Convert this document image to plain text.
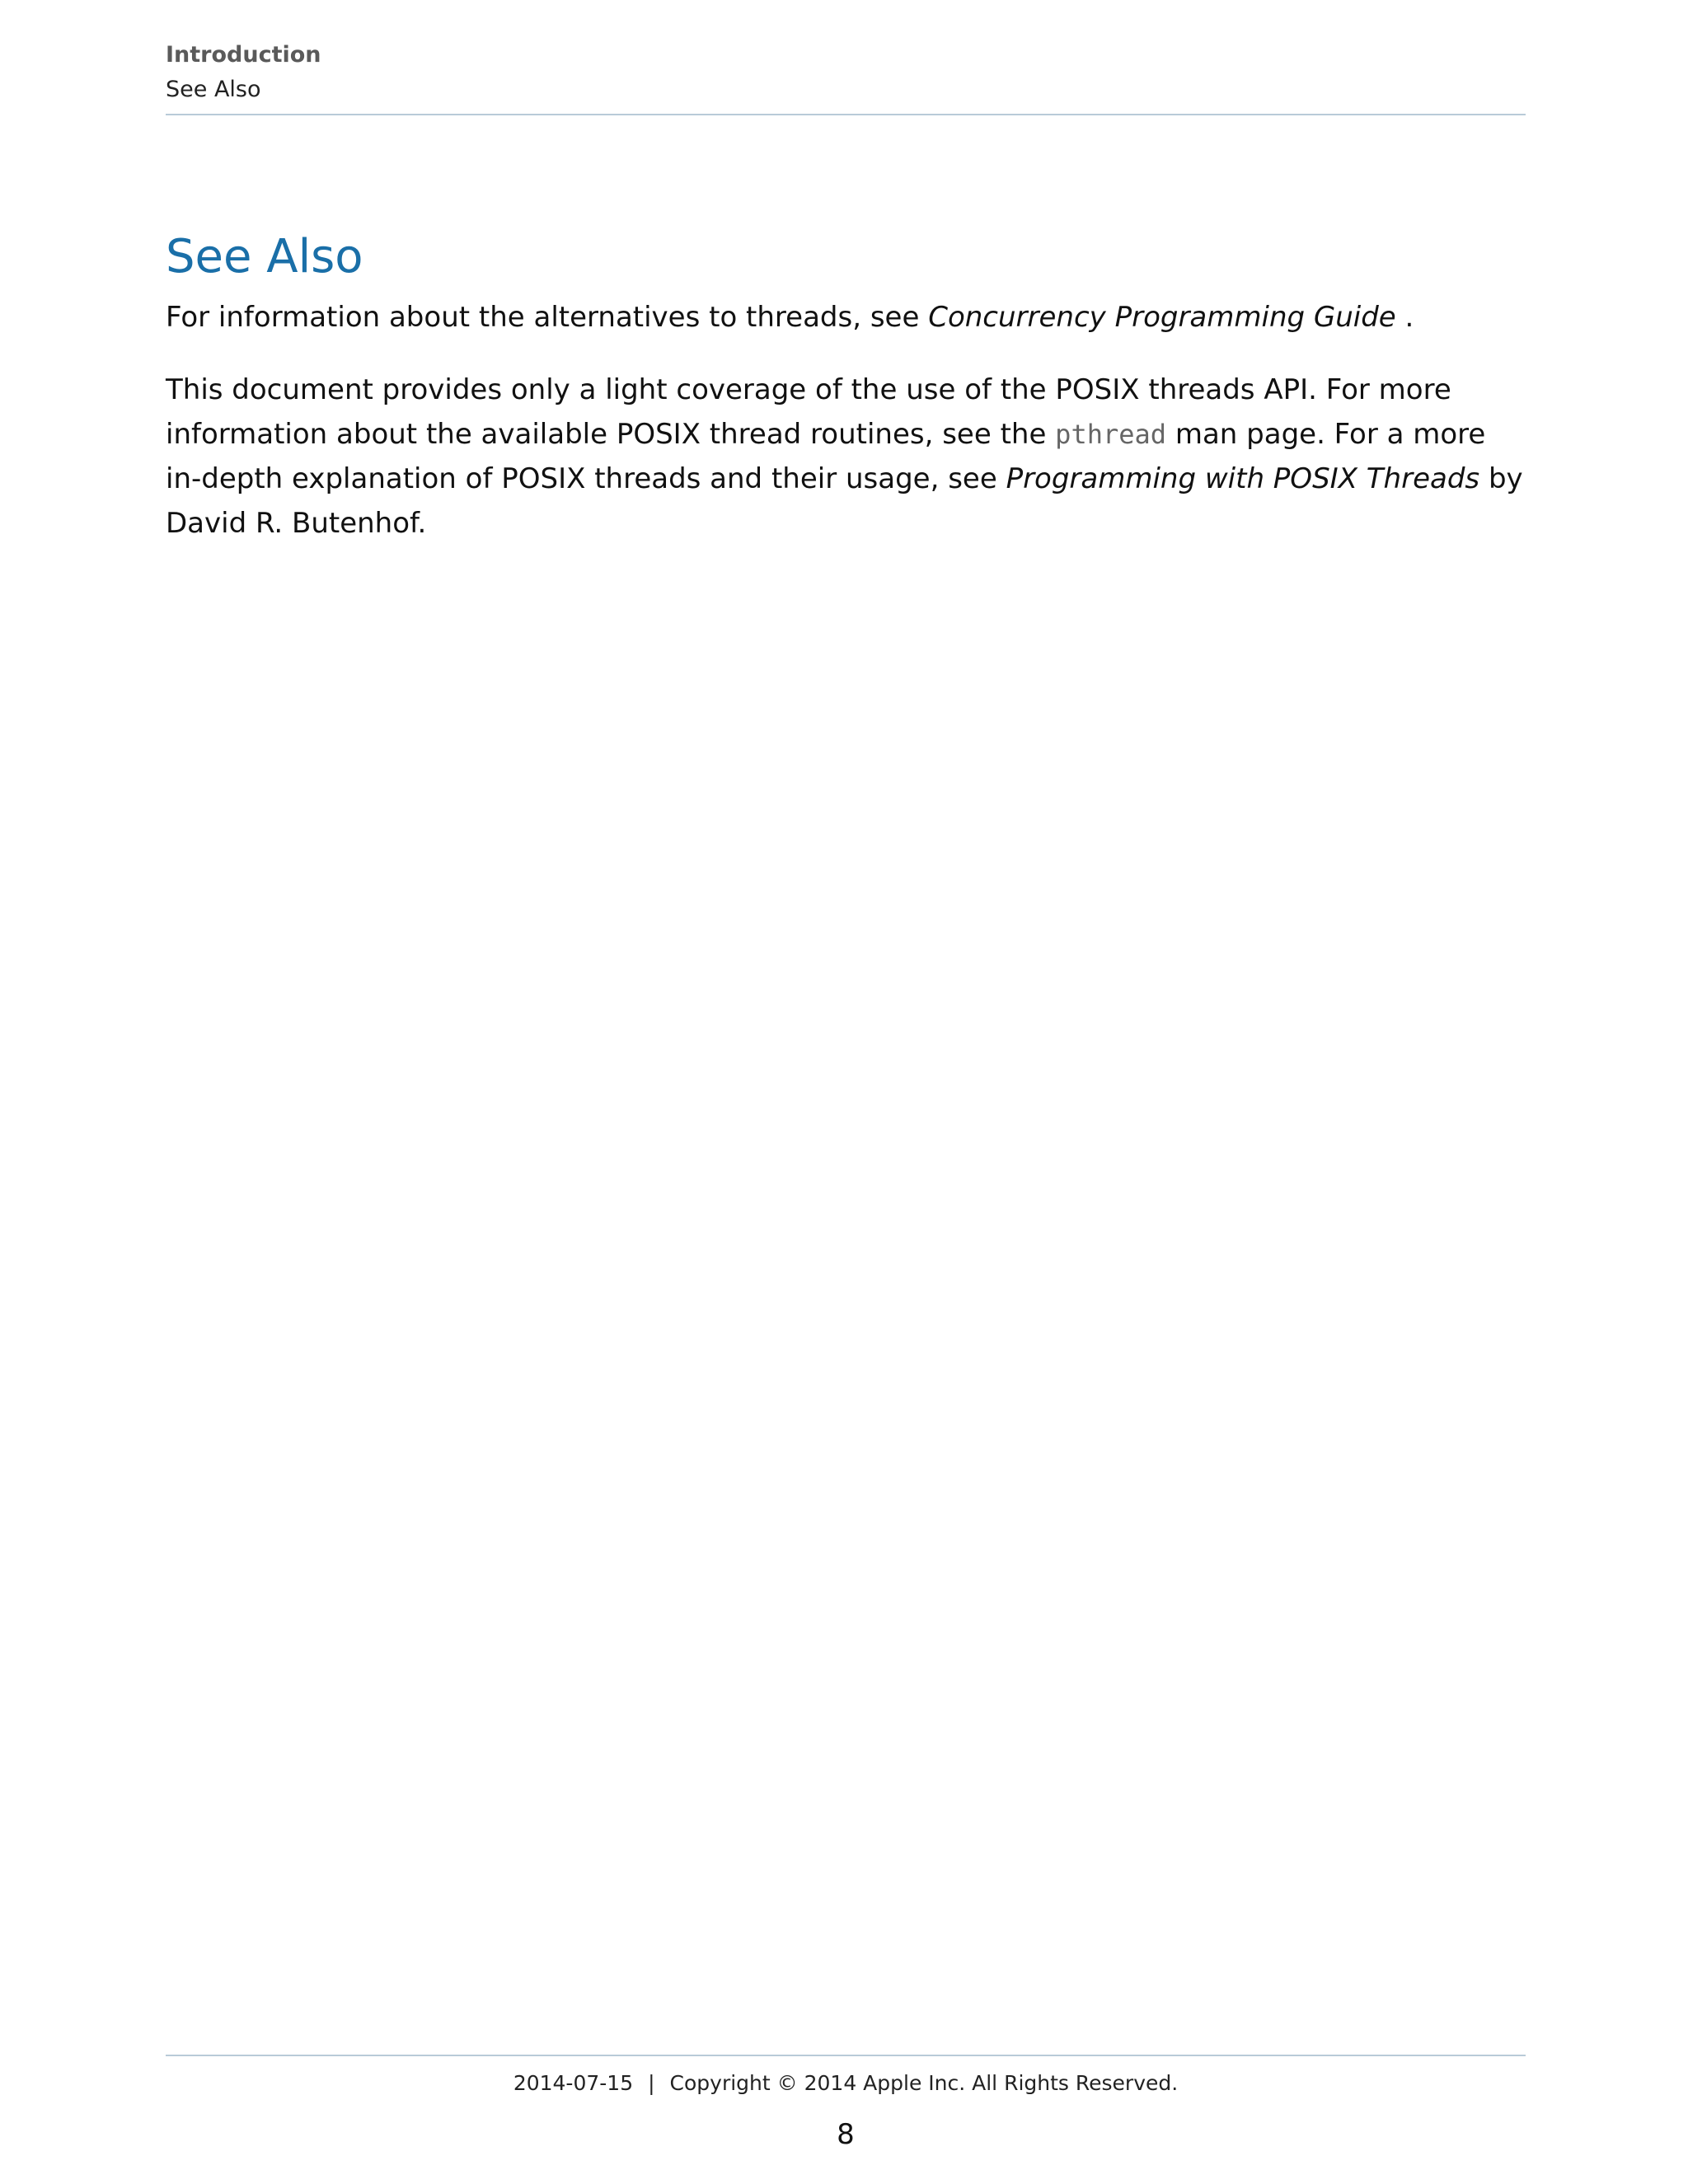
Introduction
See Also
See Also

For information about the alternatives to threads, see Concurrency Programming Guide .

This document provides only a light coverage of the use of the POSIX threads API. For more information about the available POSIX thread routines, see the pthread man page. For a more in-depth explanation of POSIX threads and their usage, see Programming with POSIX Threads by David R. Butenhof.

2014-07-15 | Copyright © 2014 Apple Inc. All Rights Reserved.
8
